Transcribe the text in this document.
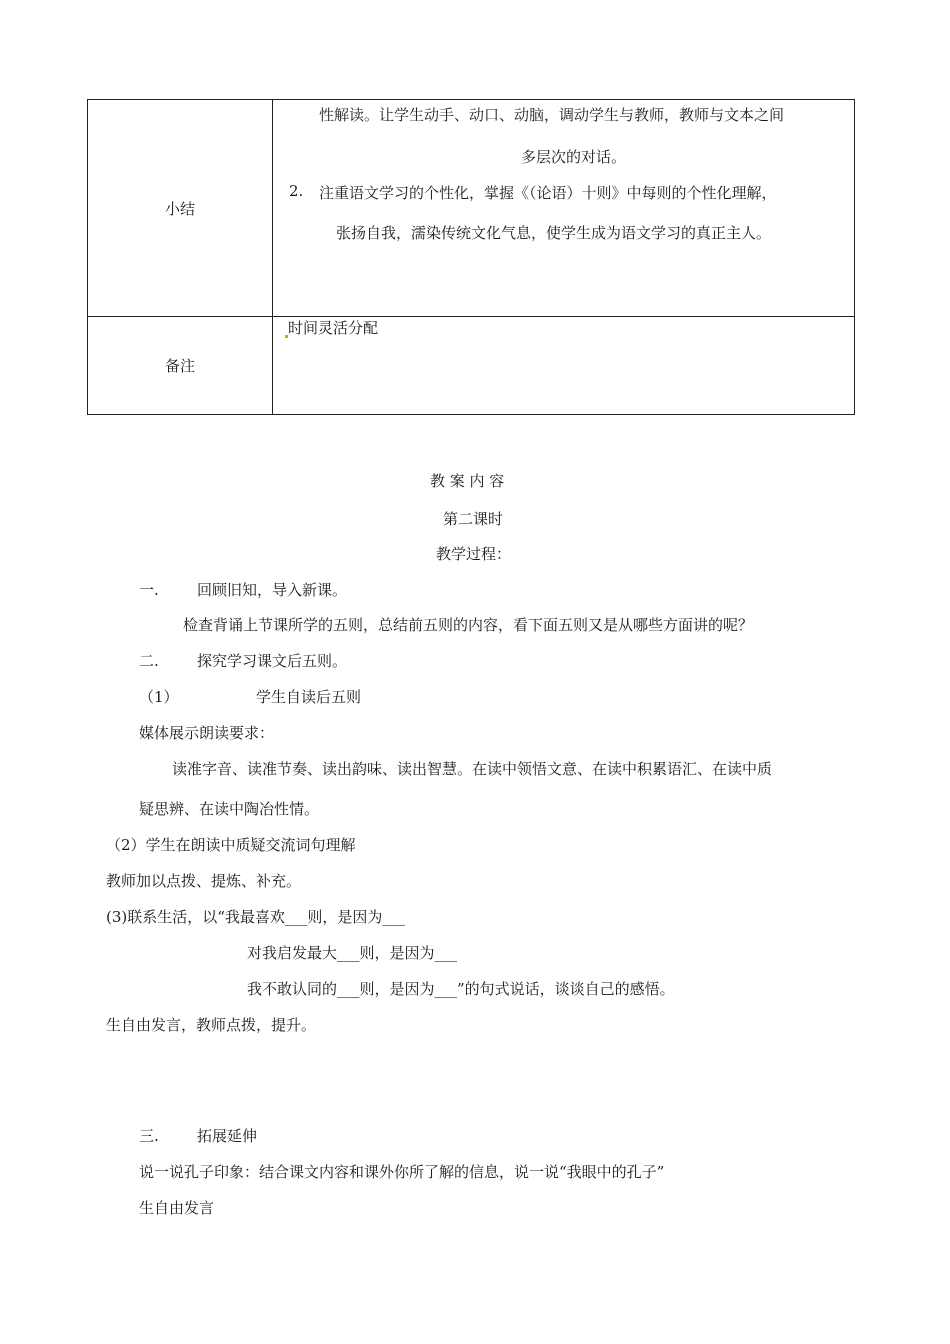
小结	性解读。让学生动手、动口、动脑，调动学生与教师，教师与文本之间
多层次的对话。
2. 注重语文学习的个性化，掌握《（论语）十则》中每则的个性化理解，
张扬自我，濡染传统文化气息，使学生成为语文学习的真正主人。

备注	时间灵活分配
教 案 内 容
第二课时
教学过程：
一.	回顾旧知，导入新课。
检查背诵上节课所学的五则，总结前五则的内容，看下面五则又是从哪些方面讲的呢？
二.	探究学习课文后五则。
（1）	学生自读后五则
媒体展示朗读要求：
读准字音、读准节奏、读出韵味、读出智慧。在读中领悟文意、在读中积累语汇、在读中质
疑思辨、在读中陶冶性情。
（2）学生在朗读中质疑交流词句理解
教师加以点拨、提炼、补充。
(3)联系生活，以“我最喜欢___则，是因为___
对我启发最大___则，是因为___
我不敢认同的___则，是因为___”的句式说话，谈谈自己的感悟。
生自由发言，教师点拨，提升。
三.	拓展延伸
说一说孔子印象：结合课文内容和课外你所了解的信息，说一说“我眼中的孔子”
生自由发言
